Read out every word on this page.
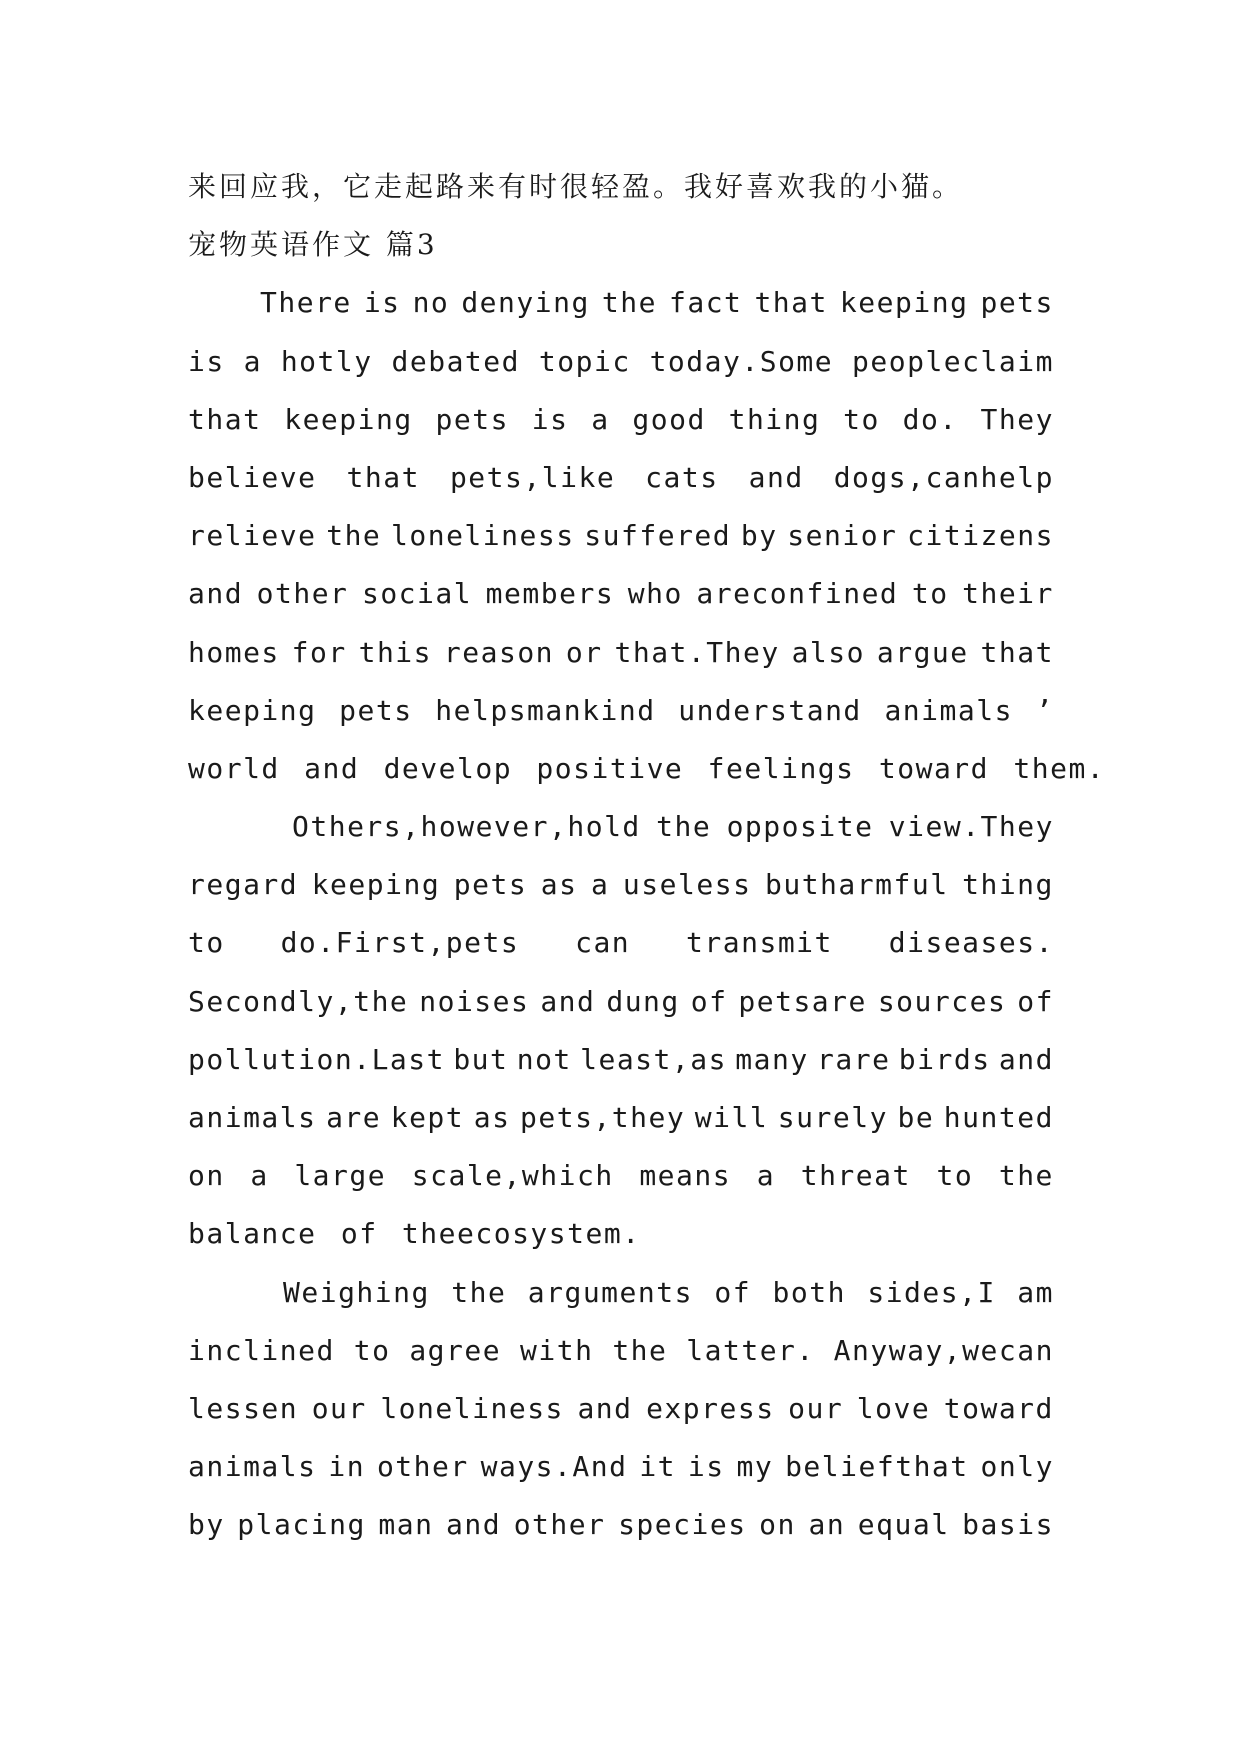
来回应我，它走起路来有时很轻盈。我好喜欢我的小猫。
宠物英语作文 篇3
There is no denying the fact that keeping pets
is a hotly debated topic today.Some peopleclaim
that keeping pets is a good thing to do. They
believe that pets,like cats and dogs,canhelp
relieve the loneliness suffered by senior citizens
and other social members who areconfined to their
homes for this reason or that.They also argue that
keeping pets helpsmankind understand animals ’
world and develop positive feelings toward them.
Others,however,hold the opposite view.They
regard keeping pets as a useless butharmful thing
to do.First,pets can transmit diseases.
Secondly,the noises and dung of petsare sources of
pollution.Last but not least,as many rare birds and
animals are kept as pets,they will surely be hunted
on a large scale,which means a threat to the
balance of theecosystem.
Weighing the arguments of both sides,I am
inclined to agree with the latter. Anyway,wecan
lessen our loneliness and express our love toward
animals in other ways.And it is my beliefthat only
by placing man and other species on an equal basis
